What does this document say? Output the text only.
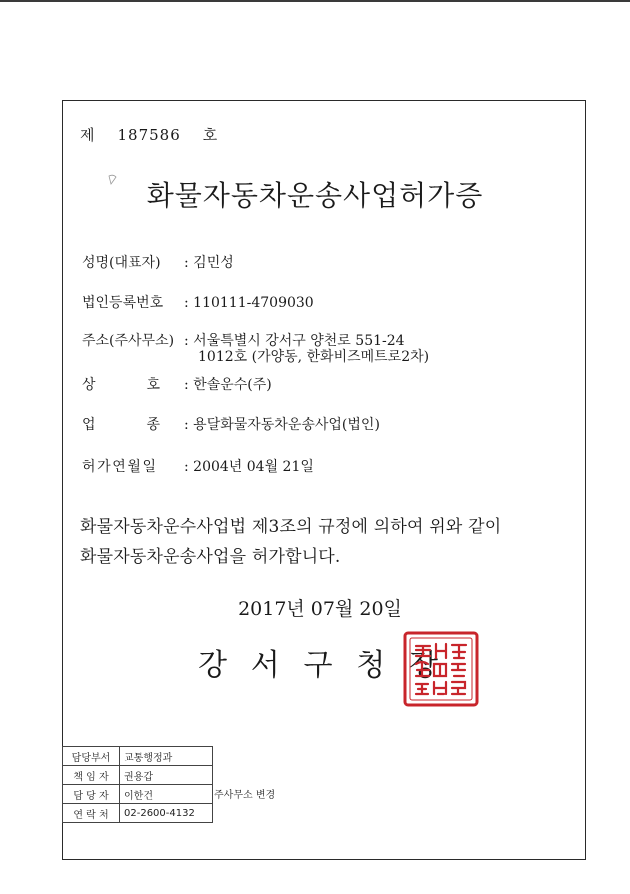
제 187586 호
화물자동차운송사업허가증
성명(대표자) : 김민성
법인등록번호 : 110111-4709030
주소(주사무소) : 서울특별시 강서구 양천로 551-24
1012호 (가양동, 한화비즈메트로2차)
상	호 : 한솔운수(주)
업	종 : 용달화물자동차운송사업(법인)
허 가 연 월 일 : 2004년 04월 21일
화물자동차운수사업법 제3조의 규정에 의하여 위와 같이
화물자동차운송사업을 허가합니다.
2017년 07월 20일
강 서 구 청 장
담당부서	교통행정과
책 임 자	권용갑
담 당 자	이한건
연 락 처	02-2600-4132
주사무소 변경
